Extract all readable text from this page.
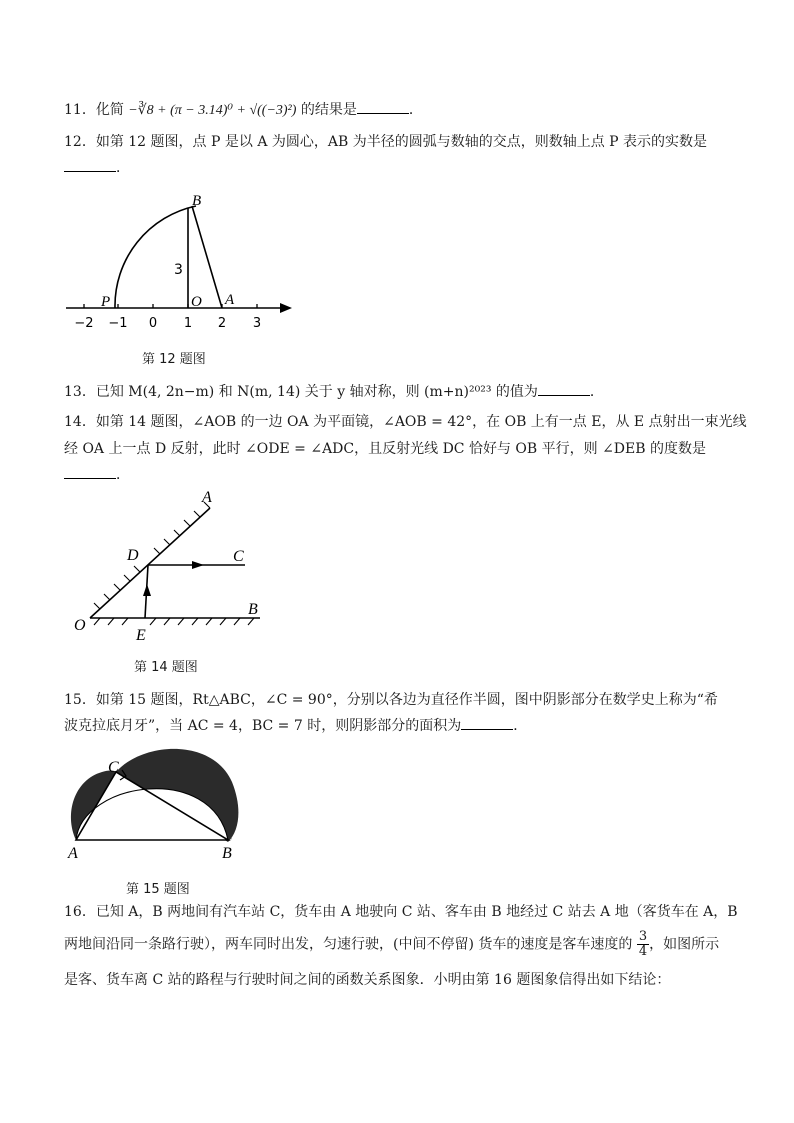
11．化简 −∛8 + (π − 3.14)⁰ + √((−3)²) 的结果是	．
12．如第 12 题图，点 P 是以 A 为圆心，AB 为半径的圆弧与数轴的交点，则数轴上点 P 表示的实数是
．
B
P	O A
3
−2 −1 0 1 2 3
第 12 题图
13．已知 M(4, 2n−m) 和 N(m, 14) 关于 y 轴对称，则 (m+n)²⁰²³ 的值为	．
14．如第 14 题图，∠AOB 的一边 OA 为平面镜，∠AOB = 42°，在 OB 上有一点 E，从 E 点射出一束光线
经 OA 上一点 D 反射，此时 ∠ODE = ∠ADC，且反射光线 DC 恰好与 OB 平行，则 ∠DEB 的度数是
．
A
D	C
O
E
B
第 14 题图
15．如第 15 题图，Rt△ABC，∠C = 90°，分别以各边为直径作半圆，图中阴影部分在数学史上称为“希
波克拉底月牙”，当 AC = 4，BC = 7 时，则阴影部分的面积为	．
C
A	B
第 15 题图
16．已知 A，B 两地间有汽车站 C，货车由 A 地驶向 C 站、客车由 B 地经过 C 站去 A 地（客货车在 A，B
两地间沿同一条路行驶），两车同时出发，匀速行驶，(中间不停留) 货车的速度是客车速度的 $\frac{3}{4}$ ，如图所示
是客、货车离 C 站的路程与行驶时间之间的函数关系图象．小明由第 16 题图象信得出如下结论：
